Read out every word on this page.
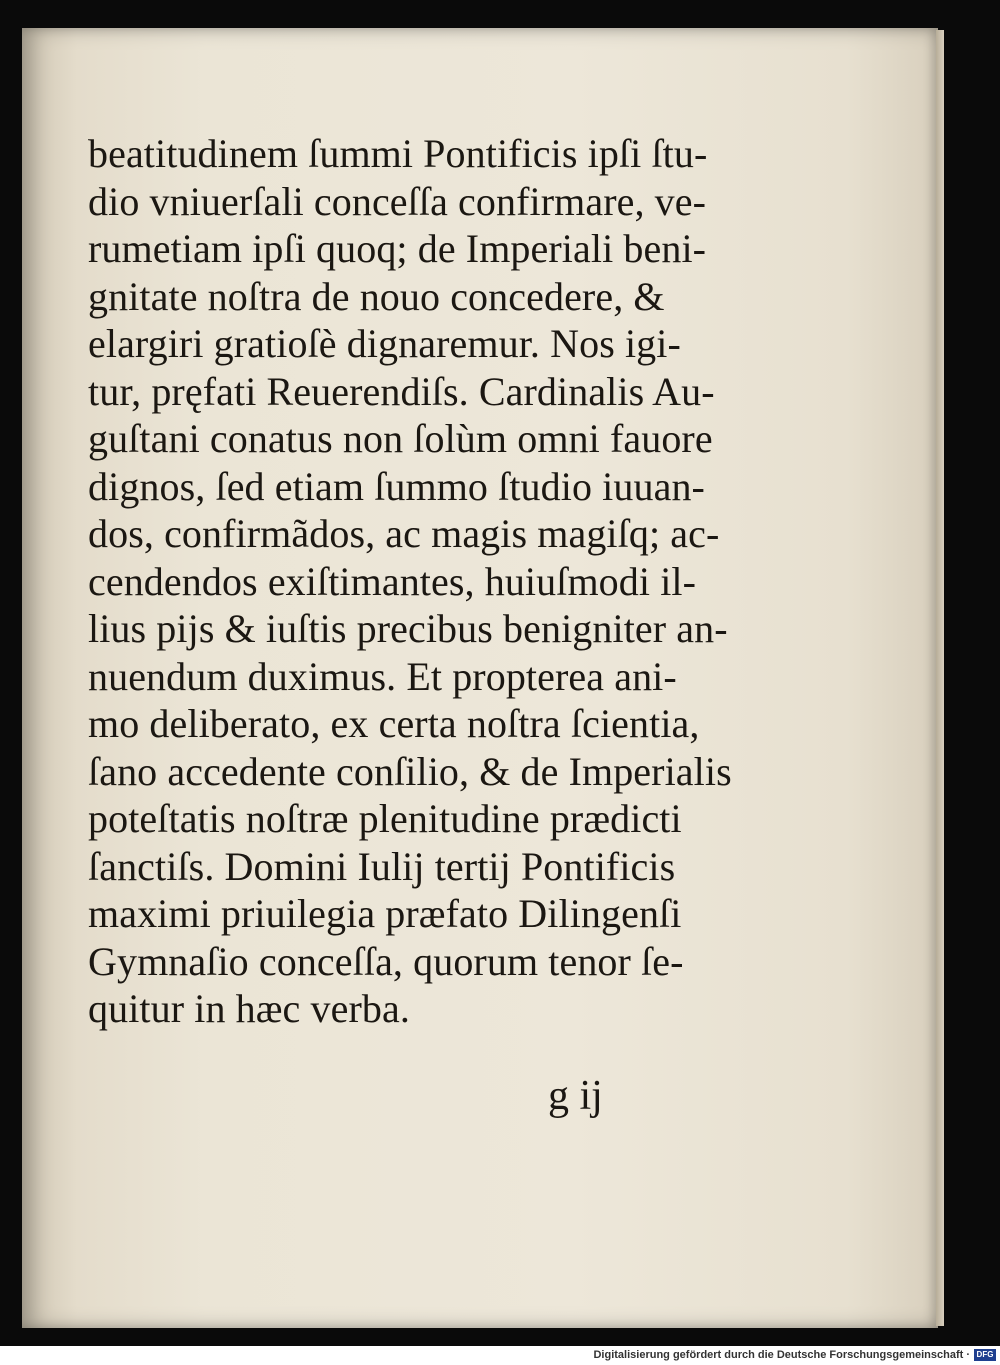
beatitudinem ſummi Pontificis ipſi ſtu-
dio vniuerſali conceſſa confirmare, ve-
rumetiam ipſi quoq; de Imperiali beni-
gnitate noſtra de nouo concedere, &
elargiri gratioſè dignaremur. Nos igi-
tur, pręfati Reuerendiſs. Cardinalis Au-
guſtani conatus non ſolùm omni fauore
dignos, ſed etiam ſummo ſtudio iuuan-
dos, confirmãdos, ac magis magiſq; ac-
cendendos exiſtimantes, huiuſmodi il-
lius pijs & iuſtis precibus benigniter an-
nuendum duximus. Et propterea ani-
mo deliberato, ex certa noſtra ſcientia,
ſano accedente conſilio, & de Imperialis
poteſtatis noſtræ plenitudine prædicti
ſanctiſs. Domini Iulij tertij Pontificis
maximi priuilegia præfato Dilingenſi
Gymnaſio conceſſa, quorum tenor ſe-
quitur in hæc verba.
g ij
Digitalisierung gefördert durch die Deutsche Forschungsgemeinschaft · DFG
